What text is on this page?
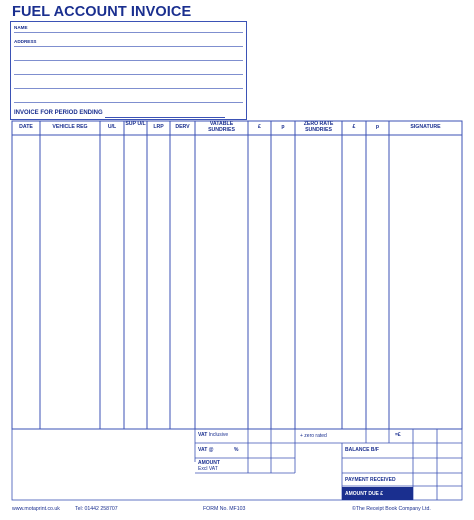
FUEL ACCOUNT INVOICE
NAME
ADDRESS
INVOICE FOR PERIOD ENDING
DATE	VEHICLE REG	U/L	SUP U/L	LRP	DERV	VATABLE SUNDRIES	£	p	ZERO RATE SUNDRIES	£	p	SIGNATURE
VAT Inclusive	+ zero rated	=£
VAT @	%
AMOUNT
Excl VAT
BALANCE B/F
PAYMENT RECEIVED
AMOUNT DUE £
www.motaprint.co.uk	Tel: 01442 258707	FORM No. MF103	©The Receipt Book Company Ltd.
